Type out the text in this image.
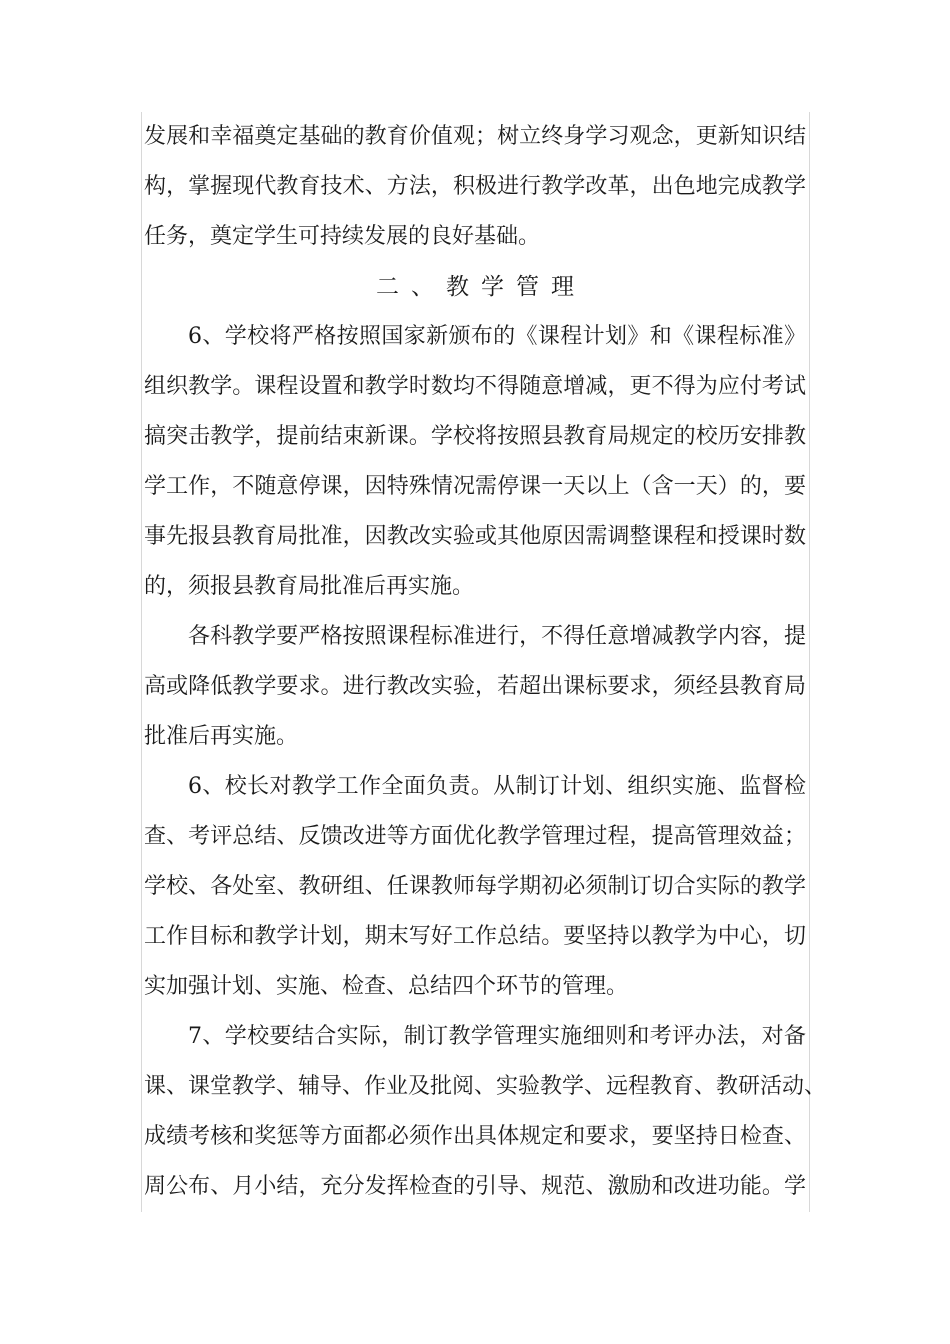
发展和幸福奠定基础的教育价值观；树立终身学习观念，更新知识结
构，掌握现代教育技术、方法，积极进行教学改革，出色地完成教学
任务，奠定学生可持续发展的良好基础。
二、教学管理
6、学校将严格按照国家新颁布的《课程计划》和《课程标准》
组织教学。课程设置和教学时数均不得随意增减，更不得为应付考试
搞突击教学，提前结束新课。学校将按照县教育局规定的校历安排教
学工作，不随意停课，因特殊情况需停课一天以上（含一天）的，要
事先报县教育局批准，因教改实验或其他原因需调整课程和授课时数
的，须报县教育局批准后再实施。
各科教学要严格按照课程标准进行，不得任意增减教学内容，提
高或降低教学要求。进行教改实验，若超出课标要求，须经县教育局
批准后再实施。
6、校长对教学工作全面负责。从制订计划、组织实施、监督检
查、考评总结、反馈改进等方面优化教学管理过程，提高管理效益；
学校、各处室、教研组、任课教师每学期初必须制订切合实际的教学
工作目标和教学计划，期末写好工作总结。要坚持以教学为中心，切
实加强计划、实施、检查、总结四个环节的管理。
7、学校要结合实际，制订教学管理实施细则和考评办法，对备
课、课堂教学、辅导、作业及批阅、实验教学、远程教育、教研活动、
成绩考核和奖惩等方面都必须作出具体规定和要求，要坚持日检查、
周公布、月小结，充分发挥检查的引导、规范、激励和改进功能。学
